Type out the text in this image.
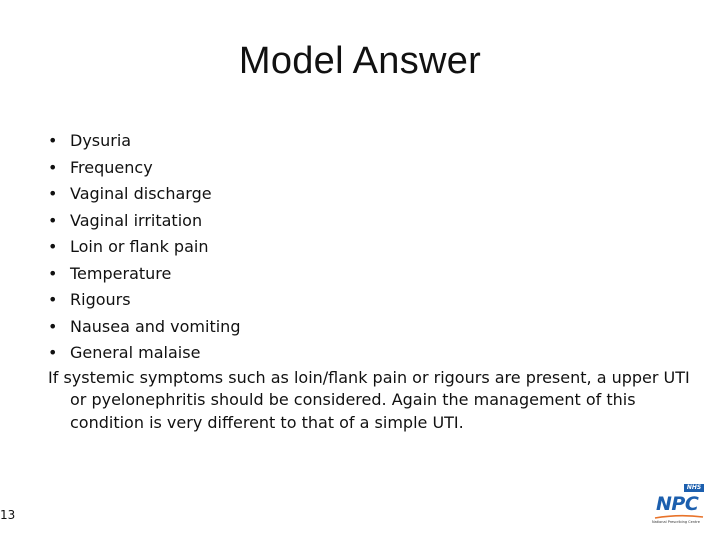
Model Answer
• Dysuria
• Frequency
• Vaginal discharge
• Vaginal irritation
• Loin or flank pain
• Temperature
• Rigours
• Nausea and vomiting
• General malaise

If systemic symptoms such as loin/flank pain or rigours are present, a upper UTI or pyelonephritis should be considered. Again the management of this condition is very different to that of a simple UTI.

13
NHS
NPC
National Prescribing Centre
